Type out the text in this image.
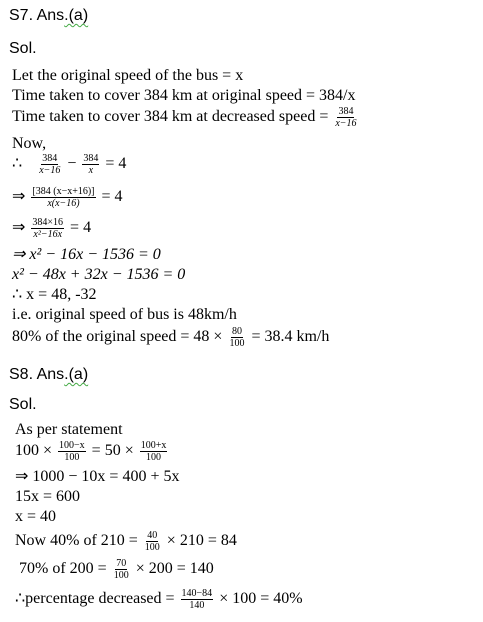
S7. Ans.(a)
Sol.
Let the original speed of the bus = x
Time taken to cover 384 km at original speed = 384/x
Time taken to cover 384 km at decreased speed = $\frac{384}{x-16}$
Now,
∴ $\frac{384}{x-16} - \frac{384}{x} = 4$
⇒ $\frac{[384 (x-x+16)]}{x(x-16)} = 4$
⇒ $\frac{384\times 16}{\text{x²−16x}} = 4$
⇒ x² − 16x − 1536 = 0
x² − 48x + 32x − 1536 = 0
∴ x = 48, -32
i.e. original speed of bus is 48km/h
80% of the original speed = $48 \times \frac{80}{100} = 38.4$ km/h
S8. Ans.(a)
Sol.
As per statement
$100 \times \frac{100-x}{100} = 50 \times \frac{100+x}{100}$
⇒ 1000 − 10x = 400 + 5x
15x = 600
x = 40
Now 40% of $210 = \frac{40}{100} \times 210 = 84$
70% of $200 = \frac{70}{100} \times 200 = 140$
∴percentage decreased = $\frac{140-84}{140} \times 100 = 40\%$
